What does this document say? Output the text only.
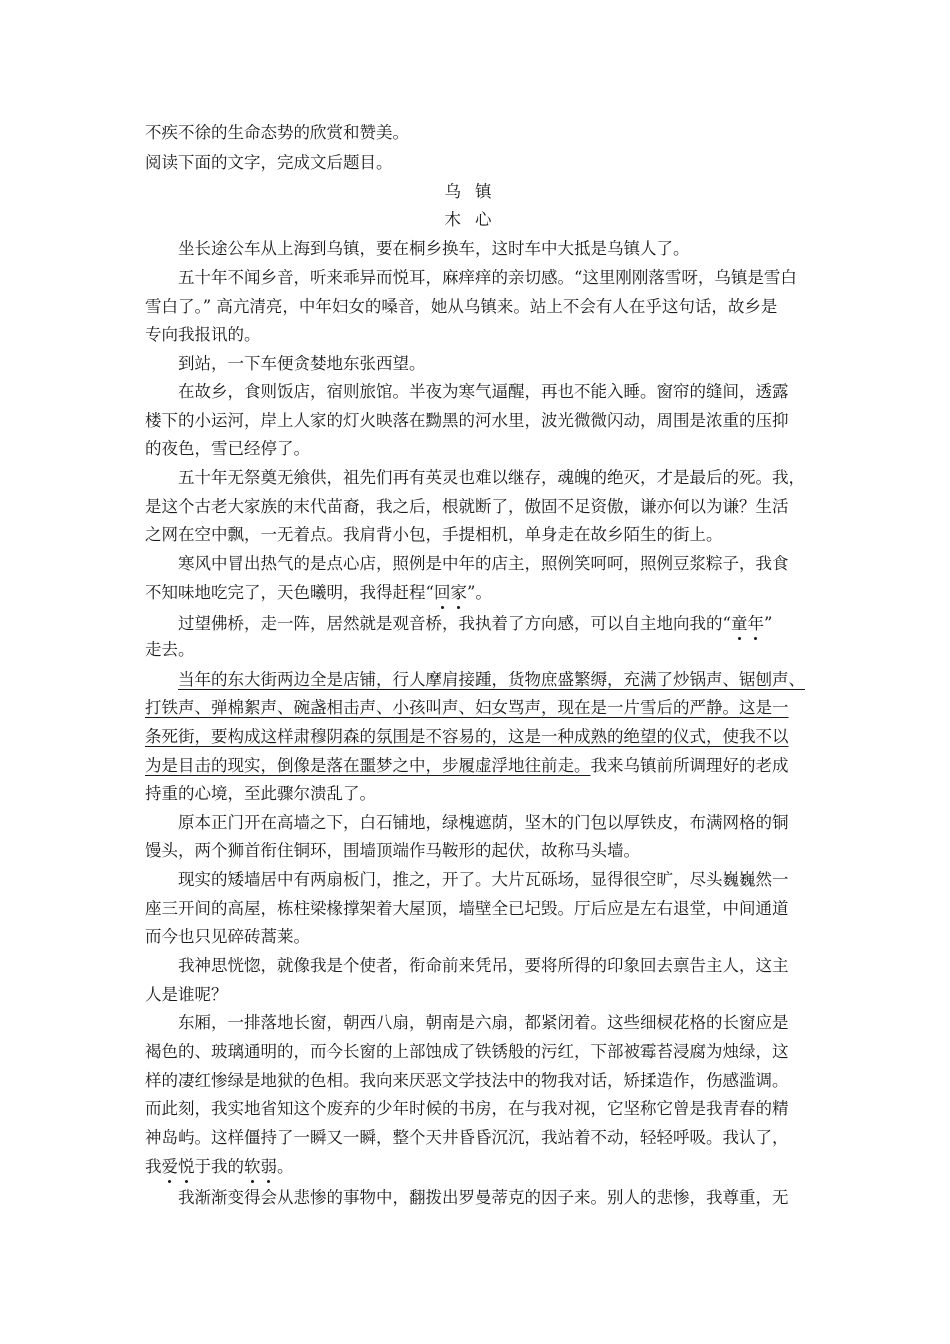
不疾不徐的生命态势的欣赏和赞美。
阅读下面的文字，完成文后题目。
乌镇
木心
坐长途公车从上海到乌镇，要在桐乡换车，这时车中大抵是乌镇人了。
五十年不闻乡音，听来乖异而悦耳，麻痒痒的亲切感。“这里刚刚落雪呀，乌镇是雪白
雪白了。” 高亢清亮，中年妇女的嗓音，她从乌镇来。站上不会有人在乎这句话，故乡是
专向我报讯的。
到站，一下车便贪婪地东张西望。
在故乡，食则饭店，宿则旅馆。半夜为寒气逼醒，再也不能入睡。窗帘的缝间，透露
楼下的小运河，岸上人家的灯火映落在黝黑的河水里，波光微微闪动，周围是浓重的压抑
的夜色，雪已经停了。
五十年无祭奠无飨供，祖先们再有英灵也难以继存，魂魄的绝灭，才是最后的死。我，
是这个古老大家族的末代苗裔，我之后，根就断了，傲固不足资傲，谦亦何以为谦？生活
之网在空中飘，一无着点。我肩背小包，手提相机，单身走在故乡陌生的街上。
寒风中冒出热气的是点心店，照例是中年的店主，照例笑呵呵，照例豆浆粽子，我食
不知味地吃完了，天色曦明，我得赶程“回家”。
过望佛桥，走一阵，居然就是观音桥，我执着了方向感，可以自主地向我的“童年”
走去。
当年的东大街两边全是店铺，行人摩肩接踵，货物庶盛繁缛，充满了炒锅声、锯刨声、
打铁声、弹棉絮声、碗盏相击声、小孩叫声、妇女骂声，现在是一片雪后的严静。这是一
条死街，要构成这样肃穆阴森的氛围是不容易的，这是一种成熟的绝望的仪式，使我不以
为是目击的现实，倒像是落在噩梦之中，步履虚浮地往前走。我来乌镇前所调理好的老成
持重的心境，至此骤尔溃乱了。
原本正门开在高墙之下，白石铺地，绿槐遮荫，坚木的门包以厚铁皮，布满网格的铜
馒头，两个狮首衔住铜环，围墙顶端作马鞍形的起伏，故称马头墙。
现实的矮墙居中有两扇板门，推之，开了。大片瓦砾场，显得很空旷，尽头巍巍然一
座三开间的高屋，栋柱梁椽撑架着大屋顶，墙壁全已圮毁。厅后应是左右退堂，中间通道
而今也只见碎砖蒿莱。
我神思恍惚，就像我是个使者，衔命前来凭吊，要将所得的印象回去禀告主人，这主
人是谁呢？
东厢，一排落地长窗，朝西八扇，朝南是六扇，都紧闭着。这些细棂花格的长窗应是
褐色的、玻璃通明的，而今长窗的上部蚀成了铁锈般的污红，下部被霉苔浸腐为烛绿，这
样的凄红惨绿是地狱的色相。我向来厌恶文学技法中的物我对话，矫揉造作，伤感滥调。
而此刻，我实地省知这个废弃的少年时候的书房，在与我对视，它坚称它曾是我青春的精
神岛屿。这样僵持了一瞬又一瞬，整个天井昏昏沉沉，我站着不动，轻轻呼吸。我认了，
我爱悦于我的软弱。
我渐渐变得会从悲惨的事物中，翻拨出罗曼蒂克的因子来。别人的悲惨，我尊重，无
